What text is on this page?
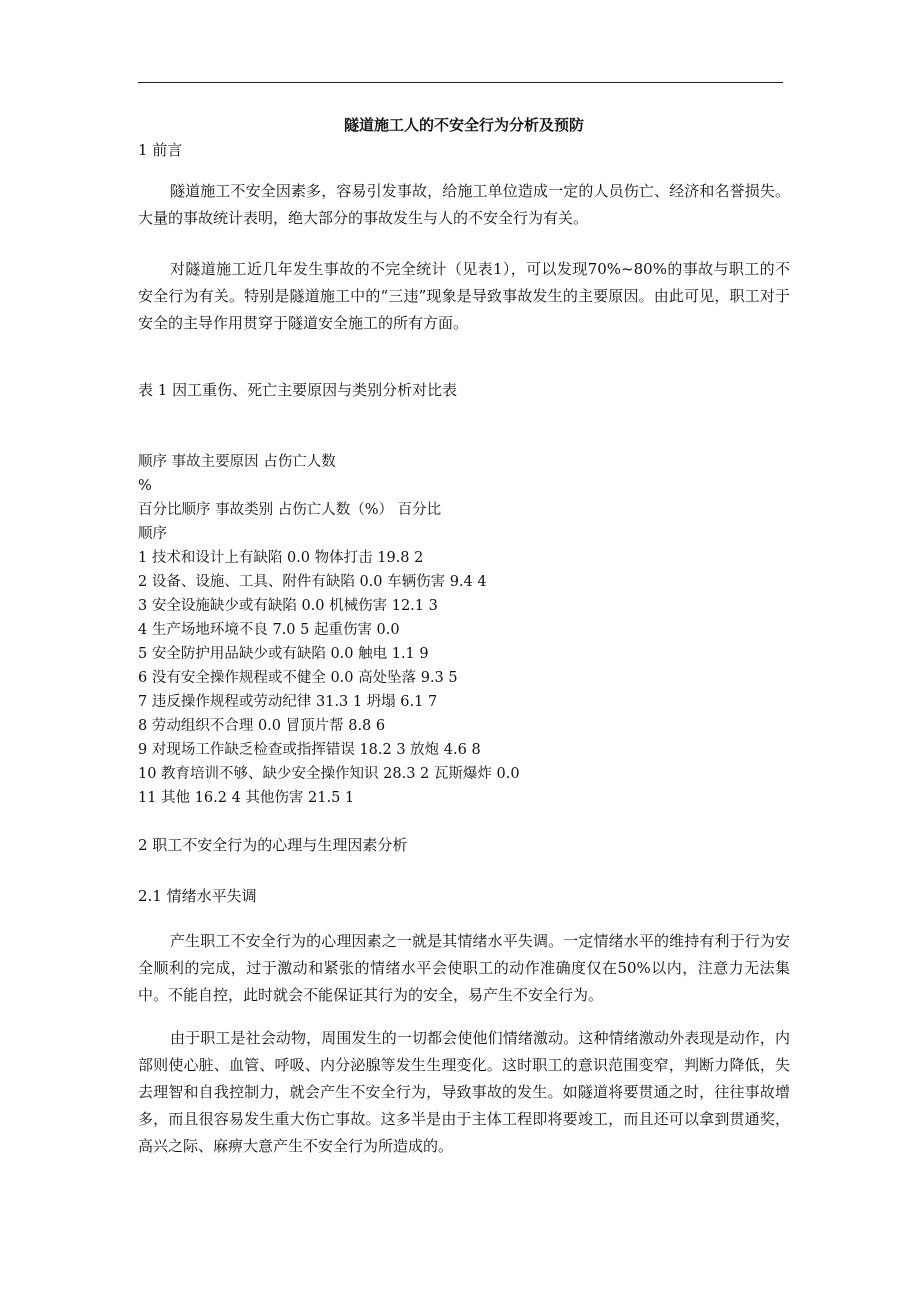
隧道施工人的不安全行为分析及预防
1 前言
隧道施工不安全因素多，容易引发事故，给施工单位造成一定的人员伤亡、经济和名誉损失。大量的事故统计表明，绝大部分的事故发生与人的不安全行为有关。
对隧道施工近几年发生事故的不完全统计（见表1），可以发现70%~80%的事故与职工的不安全行为有关。特别是隧道施工中的“三违”现象是导致事故发生的主要原因。由此可见，职工对于安全的主导作用贯穿于隧道安全施工的所有方面。
表 1 因工重伤、死亡主要原因与类别分析对比表
顺序 事故主要原因 占伤亡人数
%
百分比顺序 事故类别 占伤亡人数（%） 百分比
顺序
1 技术和设计上有缺陷 0.0 物体打击 19.8 2
2 设备、设施、工具、附件有缺陷 0.0 车辆伤害 9.4 4
3 安全设施缺少或有缺陷 0.0 机械伤害 12.1 3
4 生产场地环境不良 7.0 5 起重伤害 0.0
5 安全防护用品缺少或有缺陷 0.0 触电 1.1 9
6 没有安全操作规程或不健全 0.0 高处坠落 9.3 5
7 违反操作规程或劳动纪律 31.3 1 坍塌 6.1 7
8 劳动组织不合理 0.0 冒顶片帮 8.8 6
9 对现场工作缺乏检查或指挥错误 18.2 3 放炮 4.6 8
10 教育培训不够、缺少安全操作知识 28.3 2 瓦斯爆炸 0.0
11 其他 16.2 4 其他伤害 21.5 1
2 职工不安全行为的心理与生理因素分析
2.1 情绪水平失调
产生职工不安全行为的心理因素之一就是其情绪水平失调。一定情绪水平的维持有利于行为安全顺利的完成，过于激动和紧张的情绪水平会使职工的动作准确度仅在50%以内，注意力无法集中。不能自控，此时就会不能保证其行为的安全，易产生不安全行为。
由于职工是社会动物，周围发生的一切都会使他们情绪激动。这种情绪激动外表现是动作，内部则使心脏、血管、呼吸、内分泌腺等发生生理变化。这时职工的意识范围变窄，判断力降低，失去理智和自我控制力，就会产生不安全行为，导致事故的发生。如隧道将要贯通之时，往往事故增多，而且很容易发生重大伤亡事故。这多半是由于主体工程即将要竣工，而且还可以拿到贯通奖，高兴之际、麻痹大意产生不安全行为所造成的。
